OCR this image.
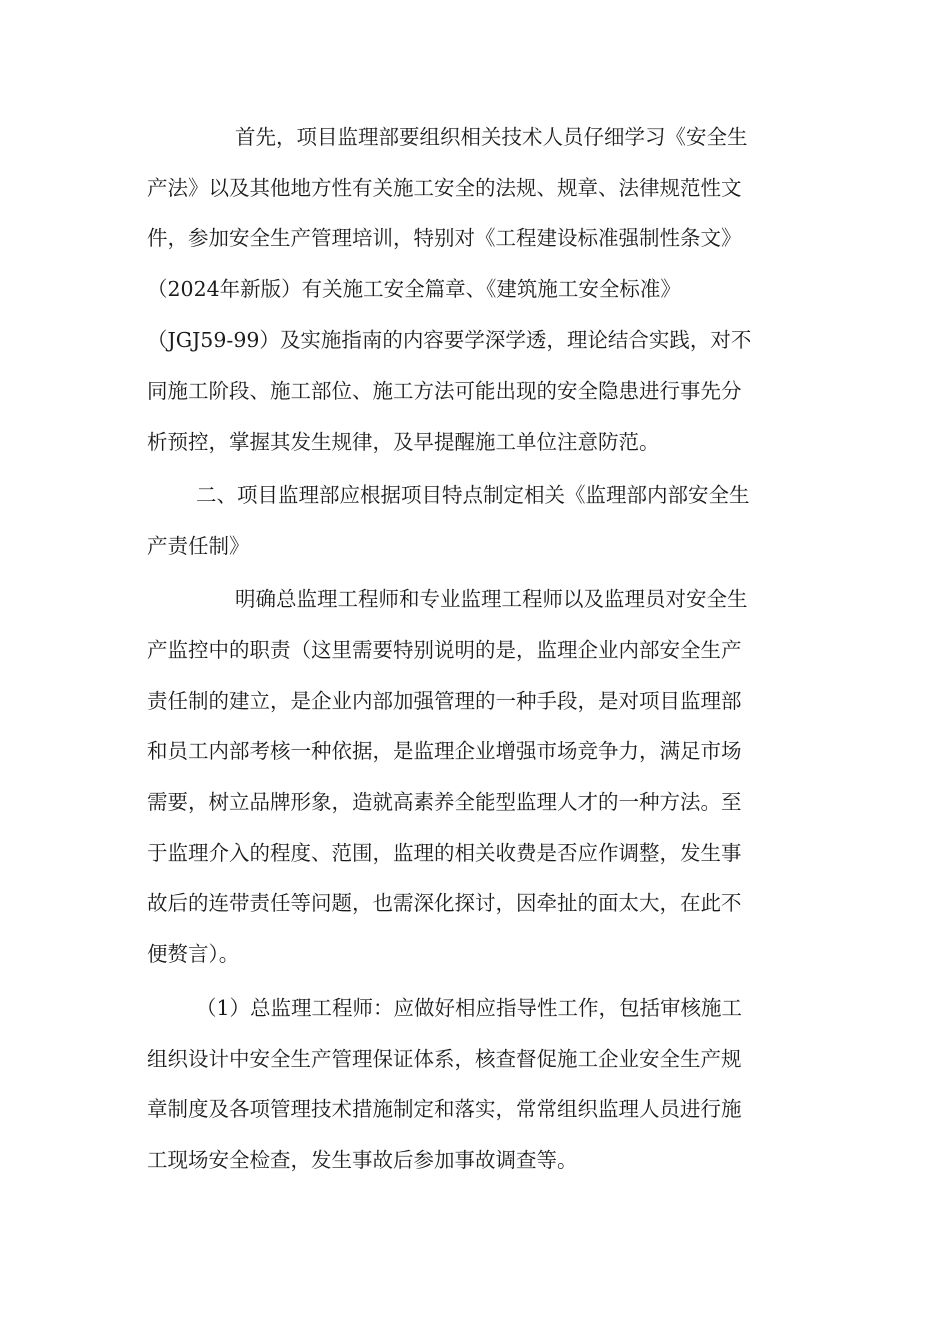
首先，项目监理部要组织相关技术人员仔细学习《安全生
产法》以及其他地方性有关施工安全的法规、规章、法律规范性文
件，参加安全生产管理培训，特别对《工程建设标准强制性条文》
（2024年新版）有关施工安全篇章、《建筑施工安全标准》
（JGJ59-99）及实施指南的内容要学深学透，理论结合实践，对不
同施工阶段、施工部位、施工方法可能出现的安全隐患进行事先分
析预控，掌握其发生规律，及早提醒施工单位注意防范。
二、项目监理部应根据项目特点制定相关《监理部内部安全生
产责任制》
明确总监理工程师和专业监理工程师以及监理员对安全生
产监控中的职责（这里需要特别说明的是，监理企业内部安全生产
责任制的建立，是企业内部加强管理的一种手段，是对项目监理部
和员工内部考核一种依据，是监理企业增强市场竞争力，满足市场
需要，树立品牌形象，造就高素养全能型监理人才的一种方法。至
于监理介入的程度、范围，监理的相关收费是否应作调整，发生事
故后的连带责任等问题，也需深化探讨，因牵扯的面太大，在此不
便赘言）。
（1）总监理工程师：应做好相应指导性工作，包括审核施工
组织设计中安全生产管理保证体系，核查督促施工企业安全生产规
章制度及各项管理技术措施制定和落实，常常组织监理人员进行施
工现场安全检查，发生事故后参加事故调查等。
